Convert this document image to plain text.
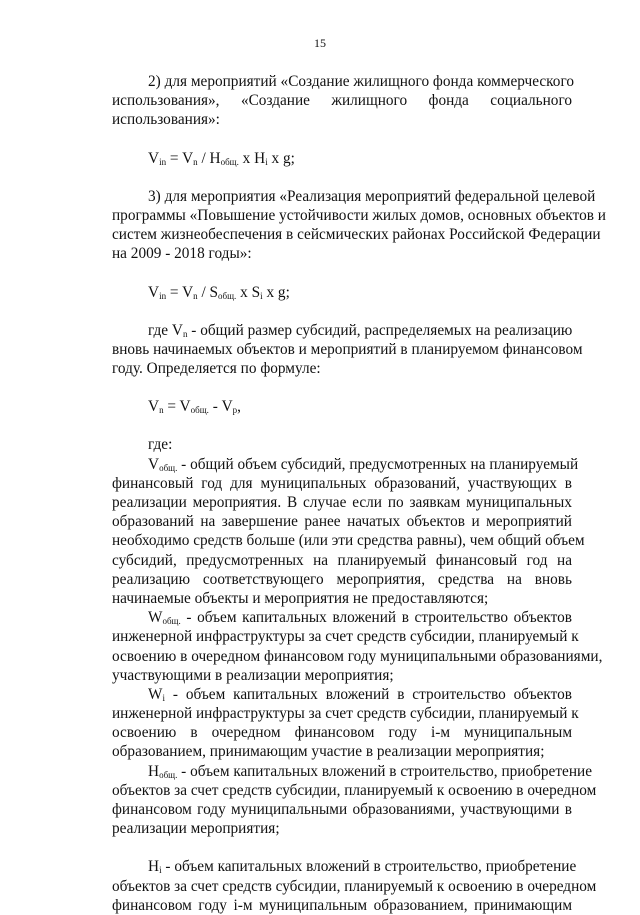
15
2) для мероприятий «Создание жилищного фонда коммерческого
использования», «Создание жилищного фонда социального
использования»:
$V_{in} = V_n / H_{общ.}$ x $H_i$ x g;
3) для мероприятия «Реализация мероприятий федеральной целевой
программы «Повышение устойчивости жилых домов, основных объектов и
систем жизнеобеспечения в сейсмических районах Российской Федерации
на 2009 - 2018 годы»:
$V_{in} = V_n / S_{общ.}$ x $S_i$ x g;
где $V_n$ - общий размер субсидий, распределяемых на реализацию
вновь начинаемых объектов и мероприятий в планируемом финансовом
году. Определяется по формуле:
$V_n = V_{общ.} - V_p$,
где:
$V_{общ.}$ - общий объем субсидий, предусмотренных на планируемый
финансовый год для муниципальных образований, участвующих в
реализации мероприятия. В случае если по заявкам муниципальных
образований на завершение ранее начатых объектов и мероприятий
необходимо средств больше (или эти средства равны), чем общий объем
субсидий, предусмотренных на планируемый финансовый год на
реализацию соответствующего мероприятия, средства на вновь
начинаемые объекты и мероприятия не предоставляются;
$W_{общ.}$ - объем капитальных вложений в строительство объектов
инженерной инфраструктуры за счет средств субсидии, планируемый к
освоению в очередном финансовом году муниципальными образованиями,
участвующими в реализации мероприятия;
$W_i$ - объем капитальных вложений в строительство объектов
инженерной инфраструктуры за счет средств субсидии, планируемый к
освоению в очередном финансовом году i-м муниципальным
образованием, принимающим участие в реализации мероприятия;
$H_{общ.}$ - объем капитальных вложений в строительство, приобретение
объектов за счет средств субсидии, планируемый к освоению в очередном
финансовом году муниципальными образованиями, участвующими в
реализации мероприятия;
$H_i$ - объем капитальных вложений в строительство, приобретение
объектов за счет средств субсидии, планируемый к освоению в очередном
финансовом году i-м муниципальным образованием, принимающим
